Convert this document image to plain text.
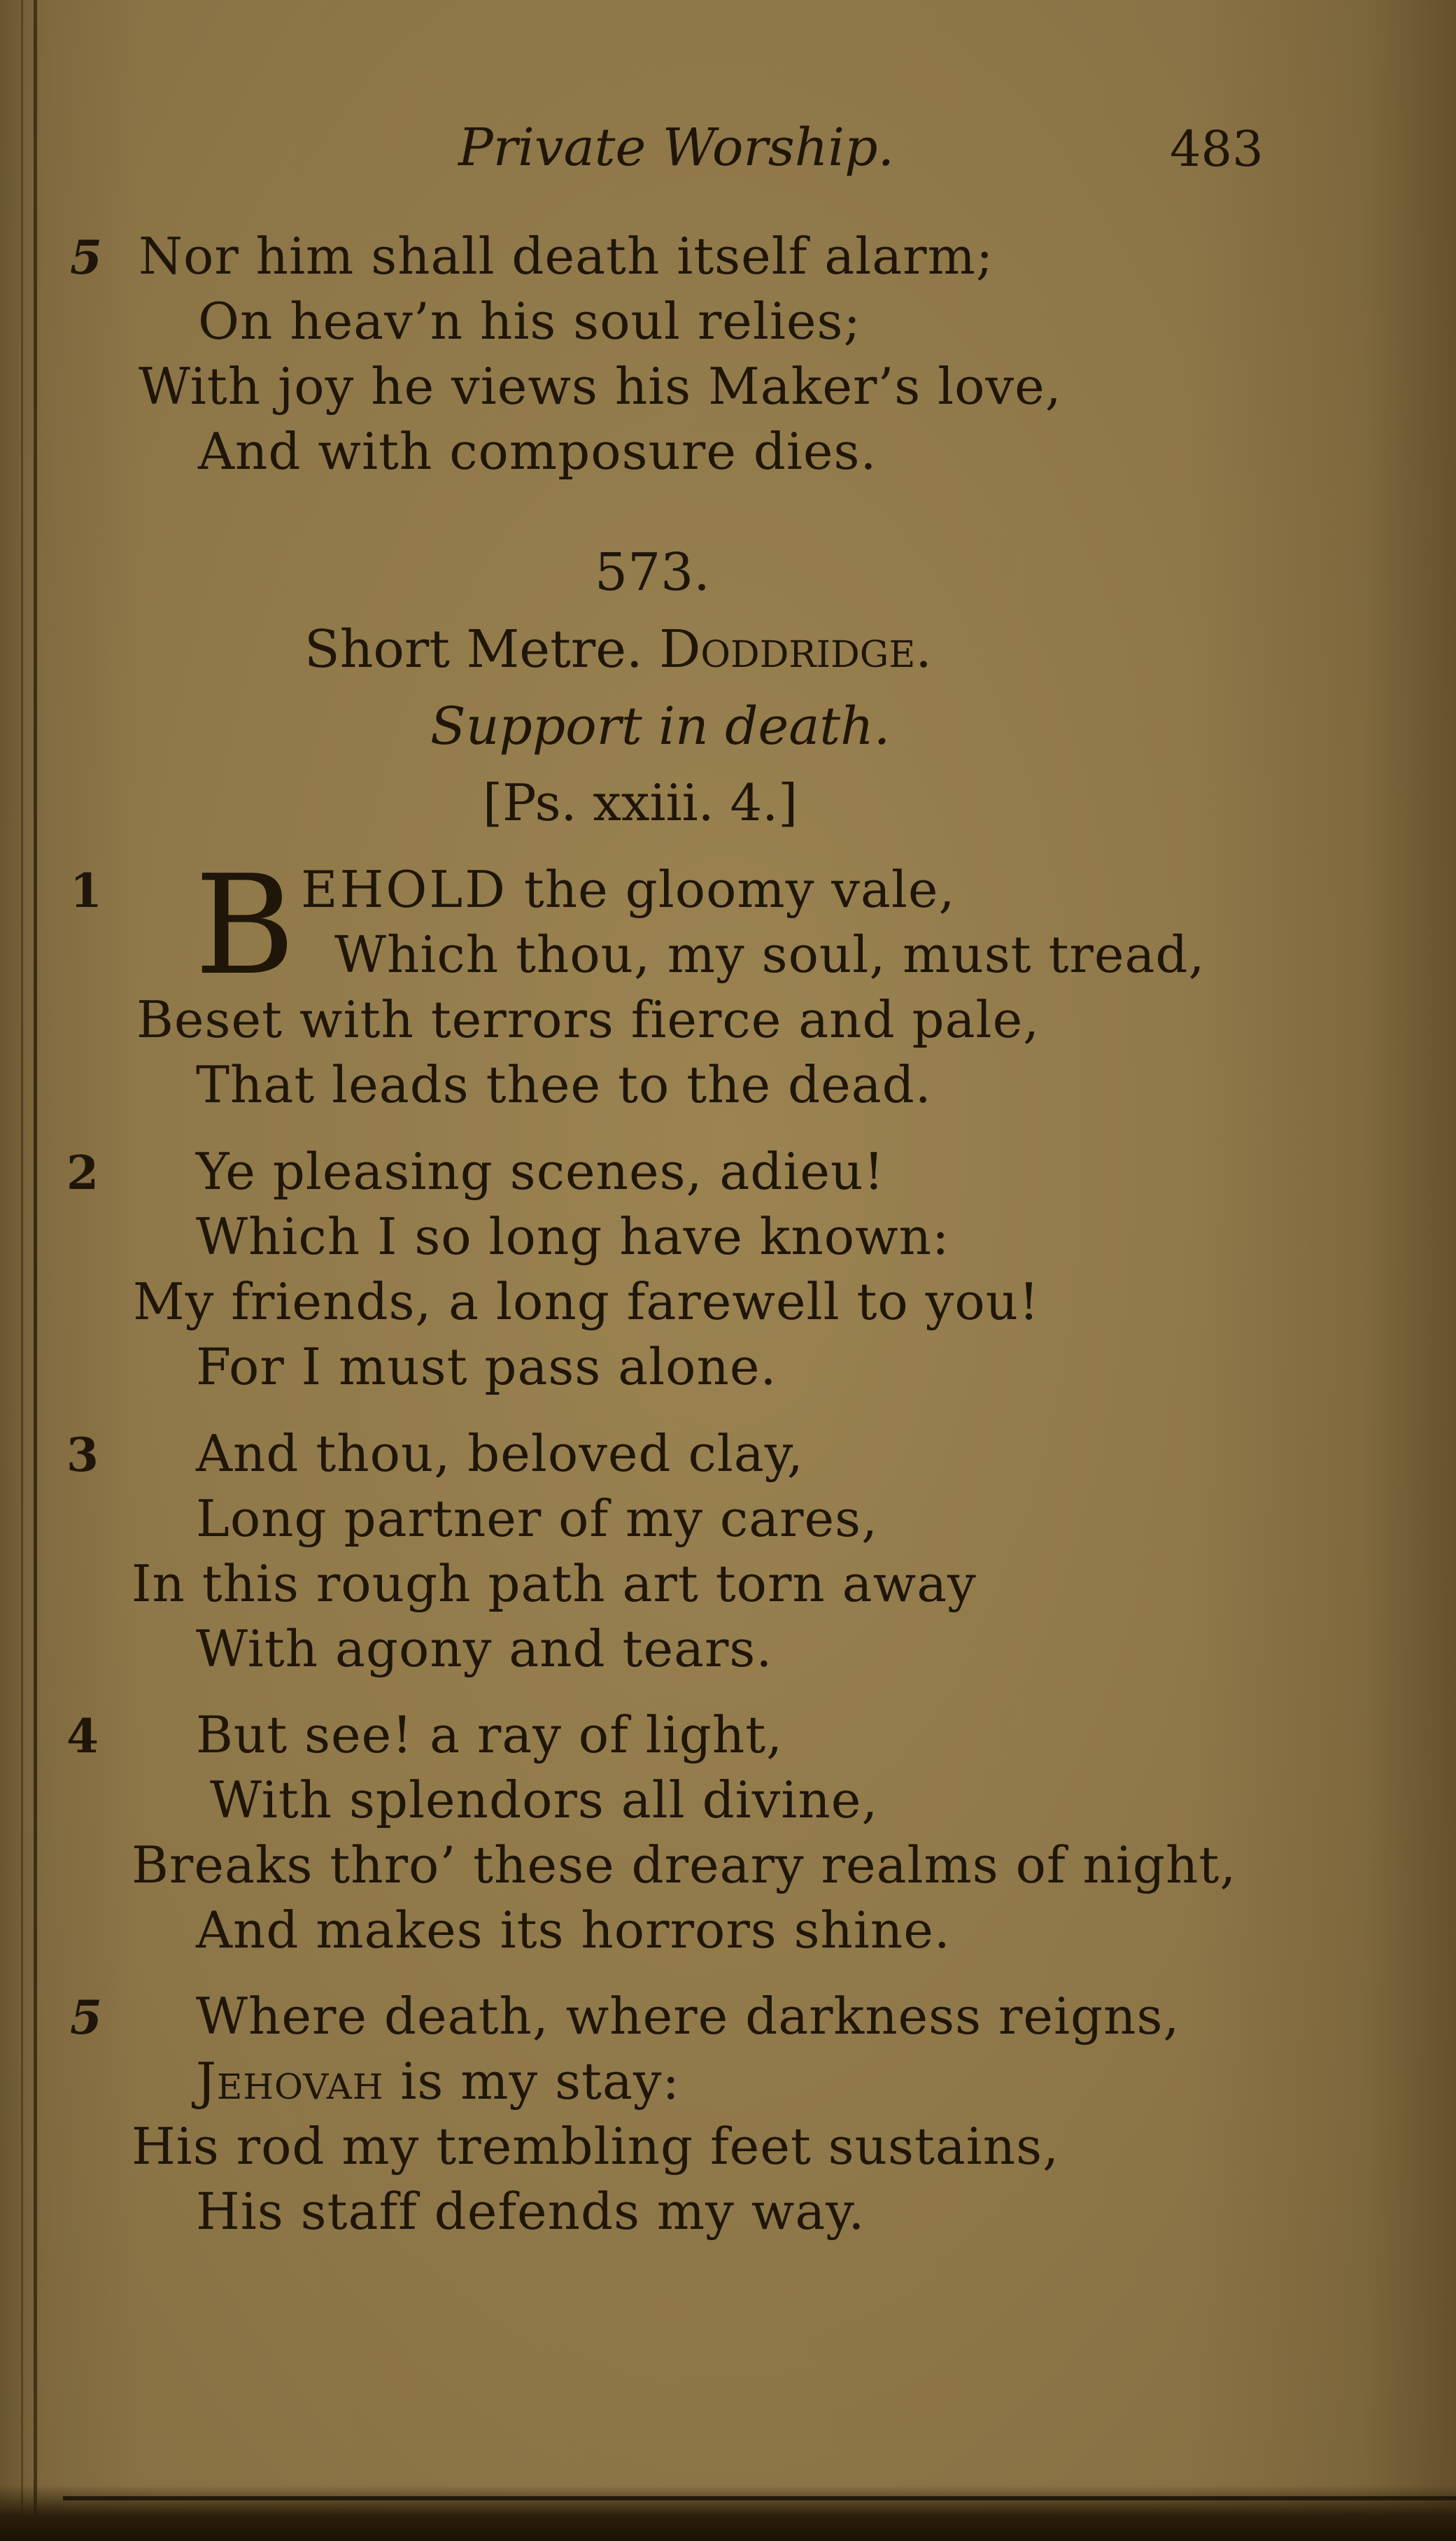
Private Worship.	483
5 Nor him shall death itself alarm;
On heav’n his soul relies;
With joy he views his Maker’s love,
And with composure dies.
573.
Short Metre. Doddridge.
Support in death.
[Ps. xxiii. 4.]
1 B EHOLD the gloomy vale,
Which thou, my soul, must tread,
Beset with terrors fierce and pale,
That leads thee to the dead.
2 Ye pleasing scenes, adieu!
Which I so long have known:
My friends, a long farewell to you!
For I must pass alone.
3 And thou, beloved clay,
Long partner of my cares,
In this rough path art torn away
With agony and tears.
4 But see! a ray of light,
With splendors all divine,
Breaks thro’ these dreary realms of night,
And makes its horrors shine.
5 Where death, where darkness reigns,
Jehovah is my stay:
His rod my trembling feet sustains,
His staff defends my way.
